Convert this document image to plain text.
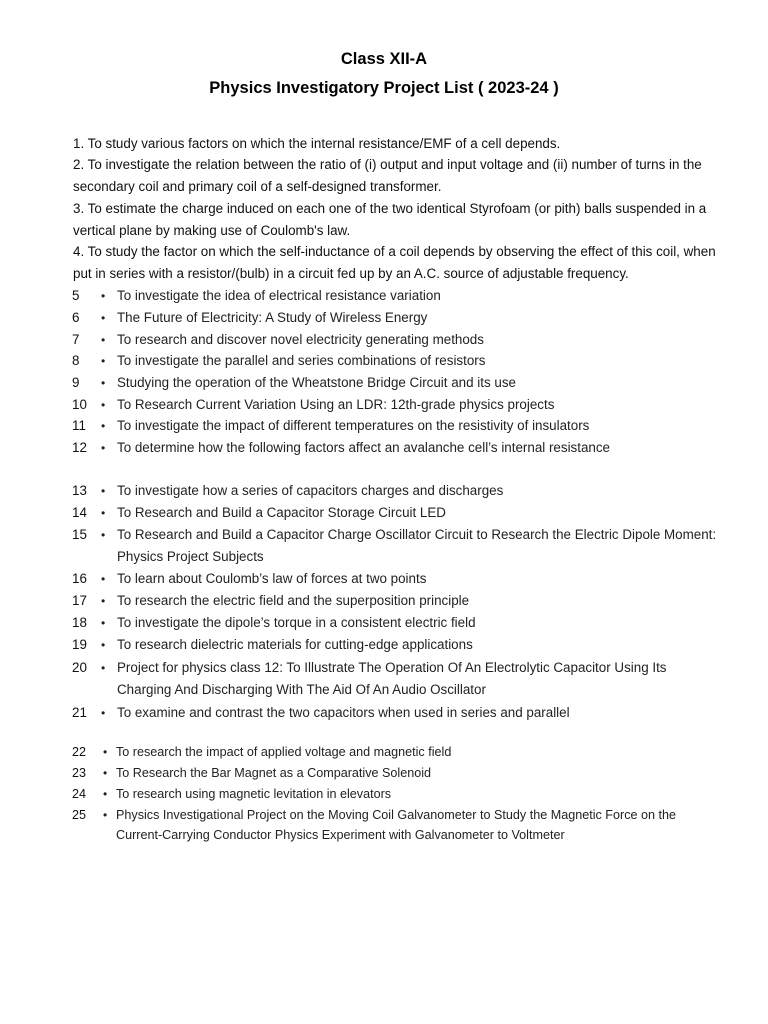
Class XII-A
Physics Investigatory Project List ( 2023-24 )

1. To study various factors on which the internal resistance/EMF of a cell depends.

2. To investigate the relation between the ratio of (i) output and input voltage and (ii) number of turns in the secondary coil and primary coil of a self-designed transformer.

3. To estimate the charge induced on each one of the two identical Styrofoam (or pith) balls suspended in a vertical plane by making use of Coulomb's law.

4. To study the factor on which the self-inductance of a coil depends by observing the effect of this coil, when put in series with a resistor/(bulb) in a circuit fed up by an A.C. source of adjustable frequency.

5	• To investigate the idea of electrical resistance variation
6	• The Future of Electricity: A Study of Wireless Energy
7	• To research and discover novel electricity generating methods
8	• To investigate the parallel and series combinations of resistors
9	• Studying the operation of the Wheatstone Bridge Circuit and its use
10	• To Research Current Variation Using an LDR: 12th-grade physics projects
11	• To investigate the impact of different temperatures on the resistivity of insulators
12	• To determine how the following factors affect an avalanche cell’s internal resistance
13	• To investigate how a series of capacitors charges and discharges
14	• To Research and Build a Capacitor Storage Circuit LED
15	• To Research and Build a Capacitor Charge Oscillator Circuit to Research the Electric Dipole Moment: Physics Project Subjects
16	• To learn about Coulomb’s law of forces at two points
17	• To research the electric field and the superposition principle
18	• To investigate the dipole’s torque in a consistent electric field
19	• To research dielectric materials for cutting-edge applications
20	• Project for physics class 12: To Illustrate The Operation Of An Electrolytic Capacitor Using Its Charging And Discharging With The Aid Of An Audio Oscillator
21	• To examine and contrast the two capacitors when used in series and parallel
22	• To research the impact of applied voltage and magnetic field
23	• To Research the Bar Magnet as a Comparative Solenoid
24	• To research using magnetic levitation in elevators
25	• Physics Investigational Project on the Moving Coil Galvanometer to Study the Magnetic Force on the Current-Carrying Conductor Physics Experiment with Galvanometer to Voltmeter
